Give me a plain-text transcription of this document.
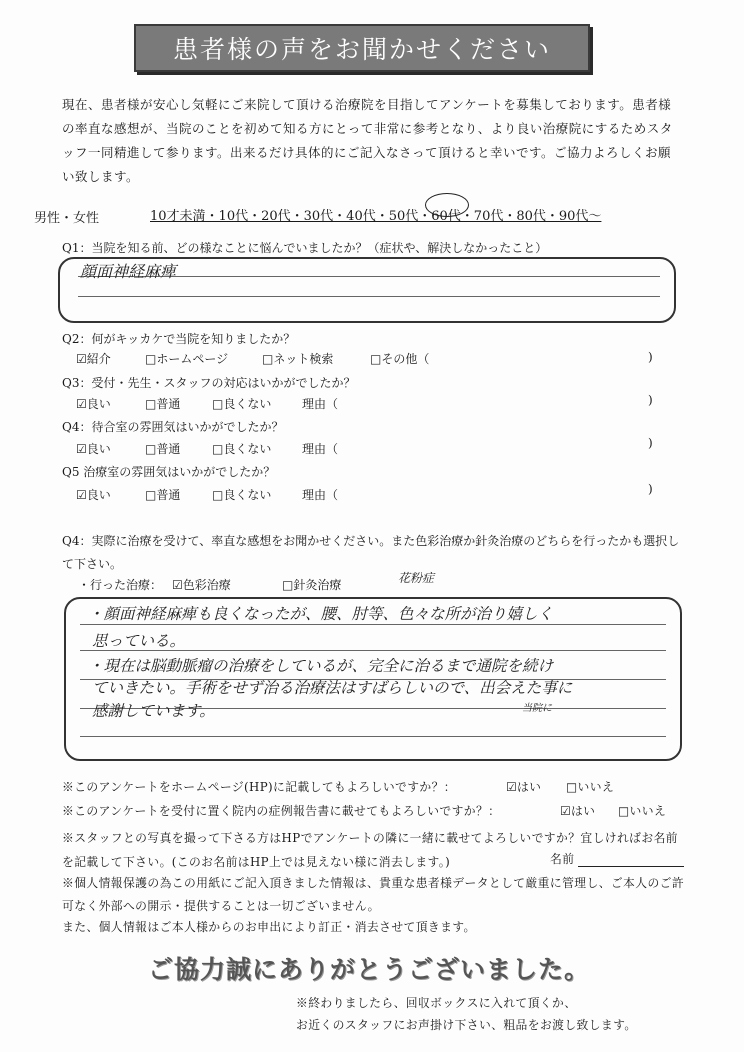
患者様の声をお聞かせください
現在、患者様が安心し気軽にご来院して頂ける治療院を目指してアンケートを募集しております。患者様の率直な感想が、当院のことを初めて知る方にとって非常に参考となり、より良い治療院にするためスタッフ一同精進して参ります。出来るだけ具体的にご記入なさって頂けると幸いです。ご協力よろしくお願い致します。
男性・女性	10才未満・10代・20代・30代・40代・50代・60代・70代・80代・90代〜
Q1：当院を知る前、どの様なことに悩んでいましたか？（症状や、解決しなかったこと）
顔面神経麻痺
Q2：何がキッカケで当院を知りましたか？
☑紹介	□ホームページ	□ネット検索	□その他（	)
Q3：受付・先生・スタッフの対応はいかがでしたか？
☑良い	□普通	□良くない	理由（	)
Q4：待合室の雰囲気はいかがでしたか？
☑良い	□普通	□良くない	理由（	)
Q5 治療室の雰囲気はいかがでしたか？
☑良い	□普通	□良くない	理由（	)
Q4：実際に治療を受けて、率直な感想をお聞かせください。また色彩治療か針灸治療のどちらを行ったかも選択して下さい。
・行った治療： ☑色彩治療	□針灸治療	花粉症
・顔面神経麻痺も良くなったが、腰、肘等、色々な所が治り嬉しく
思っている。
・現在は脳動脈瘤の治療をしているが、完全に治るまで通院を続け
ていきたい。手術をせず治る治療法はすばらしいので、出会えた事に
感謝しています。	当院に
※このアンケートをホームページ(HP)に記載してもよろしいですか？：	☑はい □いいえ
※このアンケートを受付に置く院内の症例報告書に載せてもよろしいですか？：	☑はい □いいえ
※スタッフとの写真を撮って下さる方はHPでアンケートの隣に一緒に載せてよろしいですか？宜しければお名前を記載して下さい。(このお名前はHP上では見えない様に消去します。)	名前
※個人情報保護の為この用紙にご記入頂きました情報は、貴重な患者様データとして厳重に管理し、ご本人のご許可なく外部への開示・提供することは一切ございません。
また、個人情報はご本人様からのお申出により訂正・消去させて頂きます。
ご協力誠にありがとうございました。
※終わりましたら、回収ボックスに入れて頂くか、
お近くのスタッフにお声掛け下さい、粗品をお渡し致します。
